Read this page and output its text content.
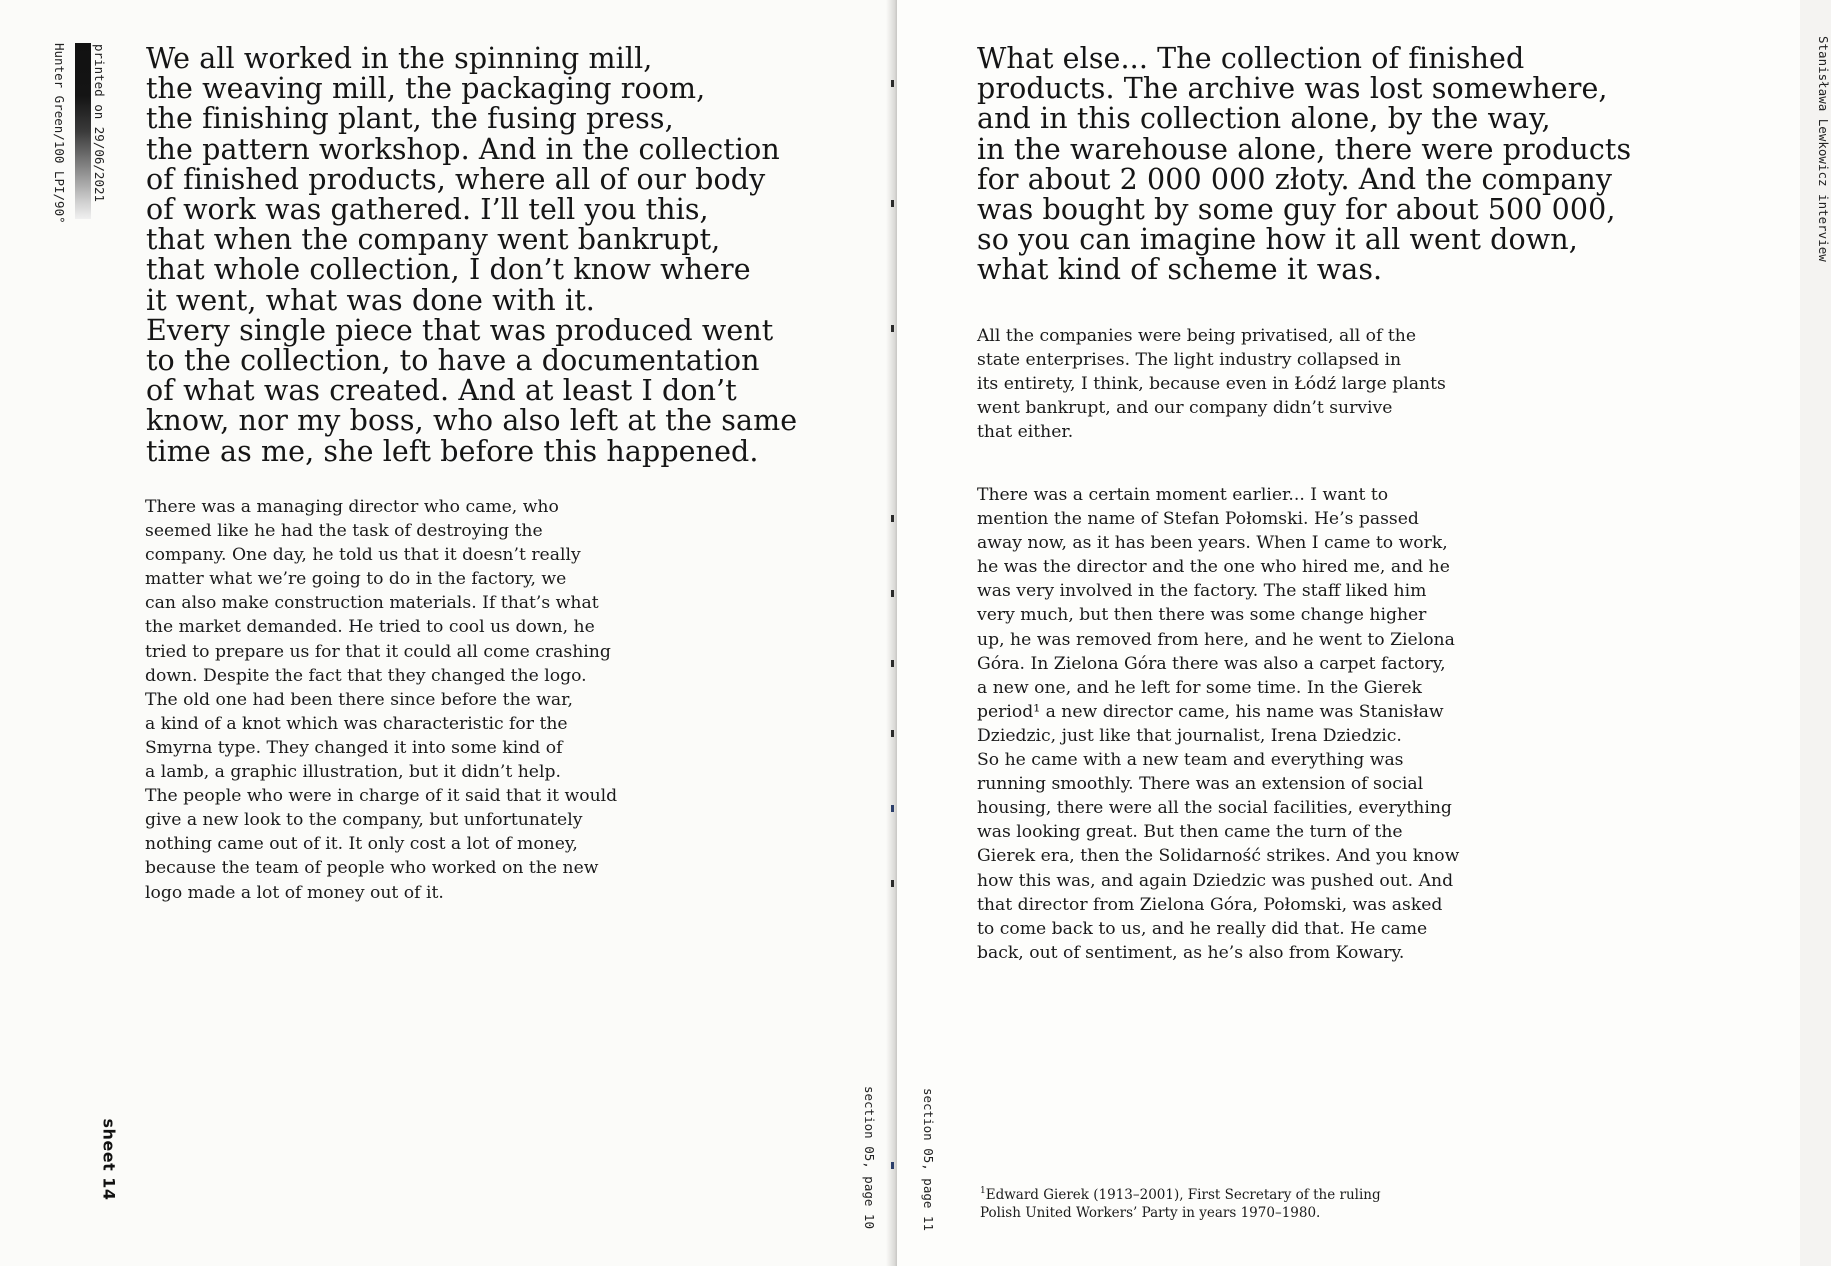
printed on 29/06/2021
Hunter Green/100 LPI/90°	We all worked in the spinning mill,
the weaving mill, the packaging room,
the finishing plant, the fusing press,
the pattern workshop. And in the collection
of finished products, where all of our body
of work was gathered. I’ll tell you this,
that when the company went bankrupt,
that whole collection, I don’t know where
it went, what was done with it.
Every single piece that was produced went
to the collection, to have a documentation
of what was created. And at least I don’t
know, nor my boss, who also left at the same
time as me, she left before this happened.

There was a managing director who came, who
seemed like he had the task of destroying the
company. One day, he told us that it doesn’t really
matter what we’re going to do in the factory, we
can also make construction materials. If that’s what
the market demanded. He tried to cool us down, he
tried to prepare us for that it could all come crashing
down. Despite the fact that they changed the logo.
The old one had been there since before the war,
a kind of a knot which was characteristic for the
Smyrna type. They changed it into some kind of
a lamb, a graphic illustration, but it didn’t help.
The people who were in charge of it said that it would
give a new look to the company, but unfortunately
nothing came out of it. It only cost a lot of money,
because the team of people who worked on the new
logo made a lot of money out of it.

sheet 14	section 05, page 10
Stanisława Lewkowicz interview

What else... The collection of finished
products. The archive was lost somewhere,
and in this collection alone, by the way,
in the warehouse alone, there were products
for about 2 000 000 złoty. And the company
was bought by some guy for about 500 000,
so you can imagine how it all went down,
what kind of scheme it was.

All the companies were being privatised, all of the
state enterprises. The light industry collapsed in
its entirety, I think, because even in Łódź large plants
went bankrupt, and our company didn’t survive
that either.

There was a certain moment earlier... I want to
mention the name of Stefan Połomski. He’s passed
away now, as it has been years. When I came to work,
he was the director and the one who hired me, and he
was very involved in the factory. The staff liked him
very much, but then there was some change higher
up, he was removed from here, and he went to Zielona
Góra. In Zielona Góra there was also a carpet factory,
a new one, and he left for some time. In the Gierek
period¹ a new director came, his name was Stanisław
Dziedzic, just like that journalist, Irena Dziedzic.
So he came with a new team and everything was
running smoothly. There was an extension of social
housing, there were all the social facilities, everything
was looking great. But then came the turn of the
Gierek era, then the Solidarność strikes. And you know
how this was, and again Dziedzic was pushed out. And
that director from Zielona Góra, Połomski, was asked
to come back to us, and he really did that. He came
back, out of sentiment, as he’s also from Kowary.

section 05, page 11	$^1$Edward Gierek (1913–2001), First Secretary of the ruling
Polish United Workers’ Party in years 1970–1980.
